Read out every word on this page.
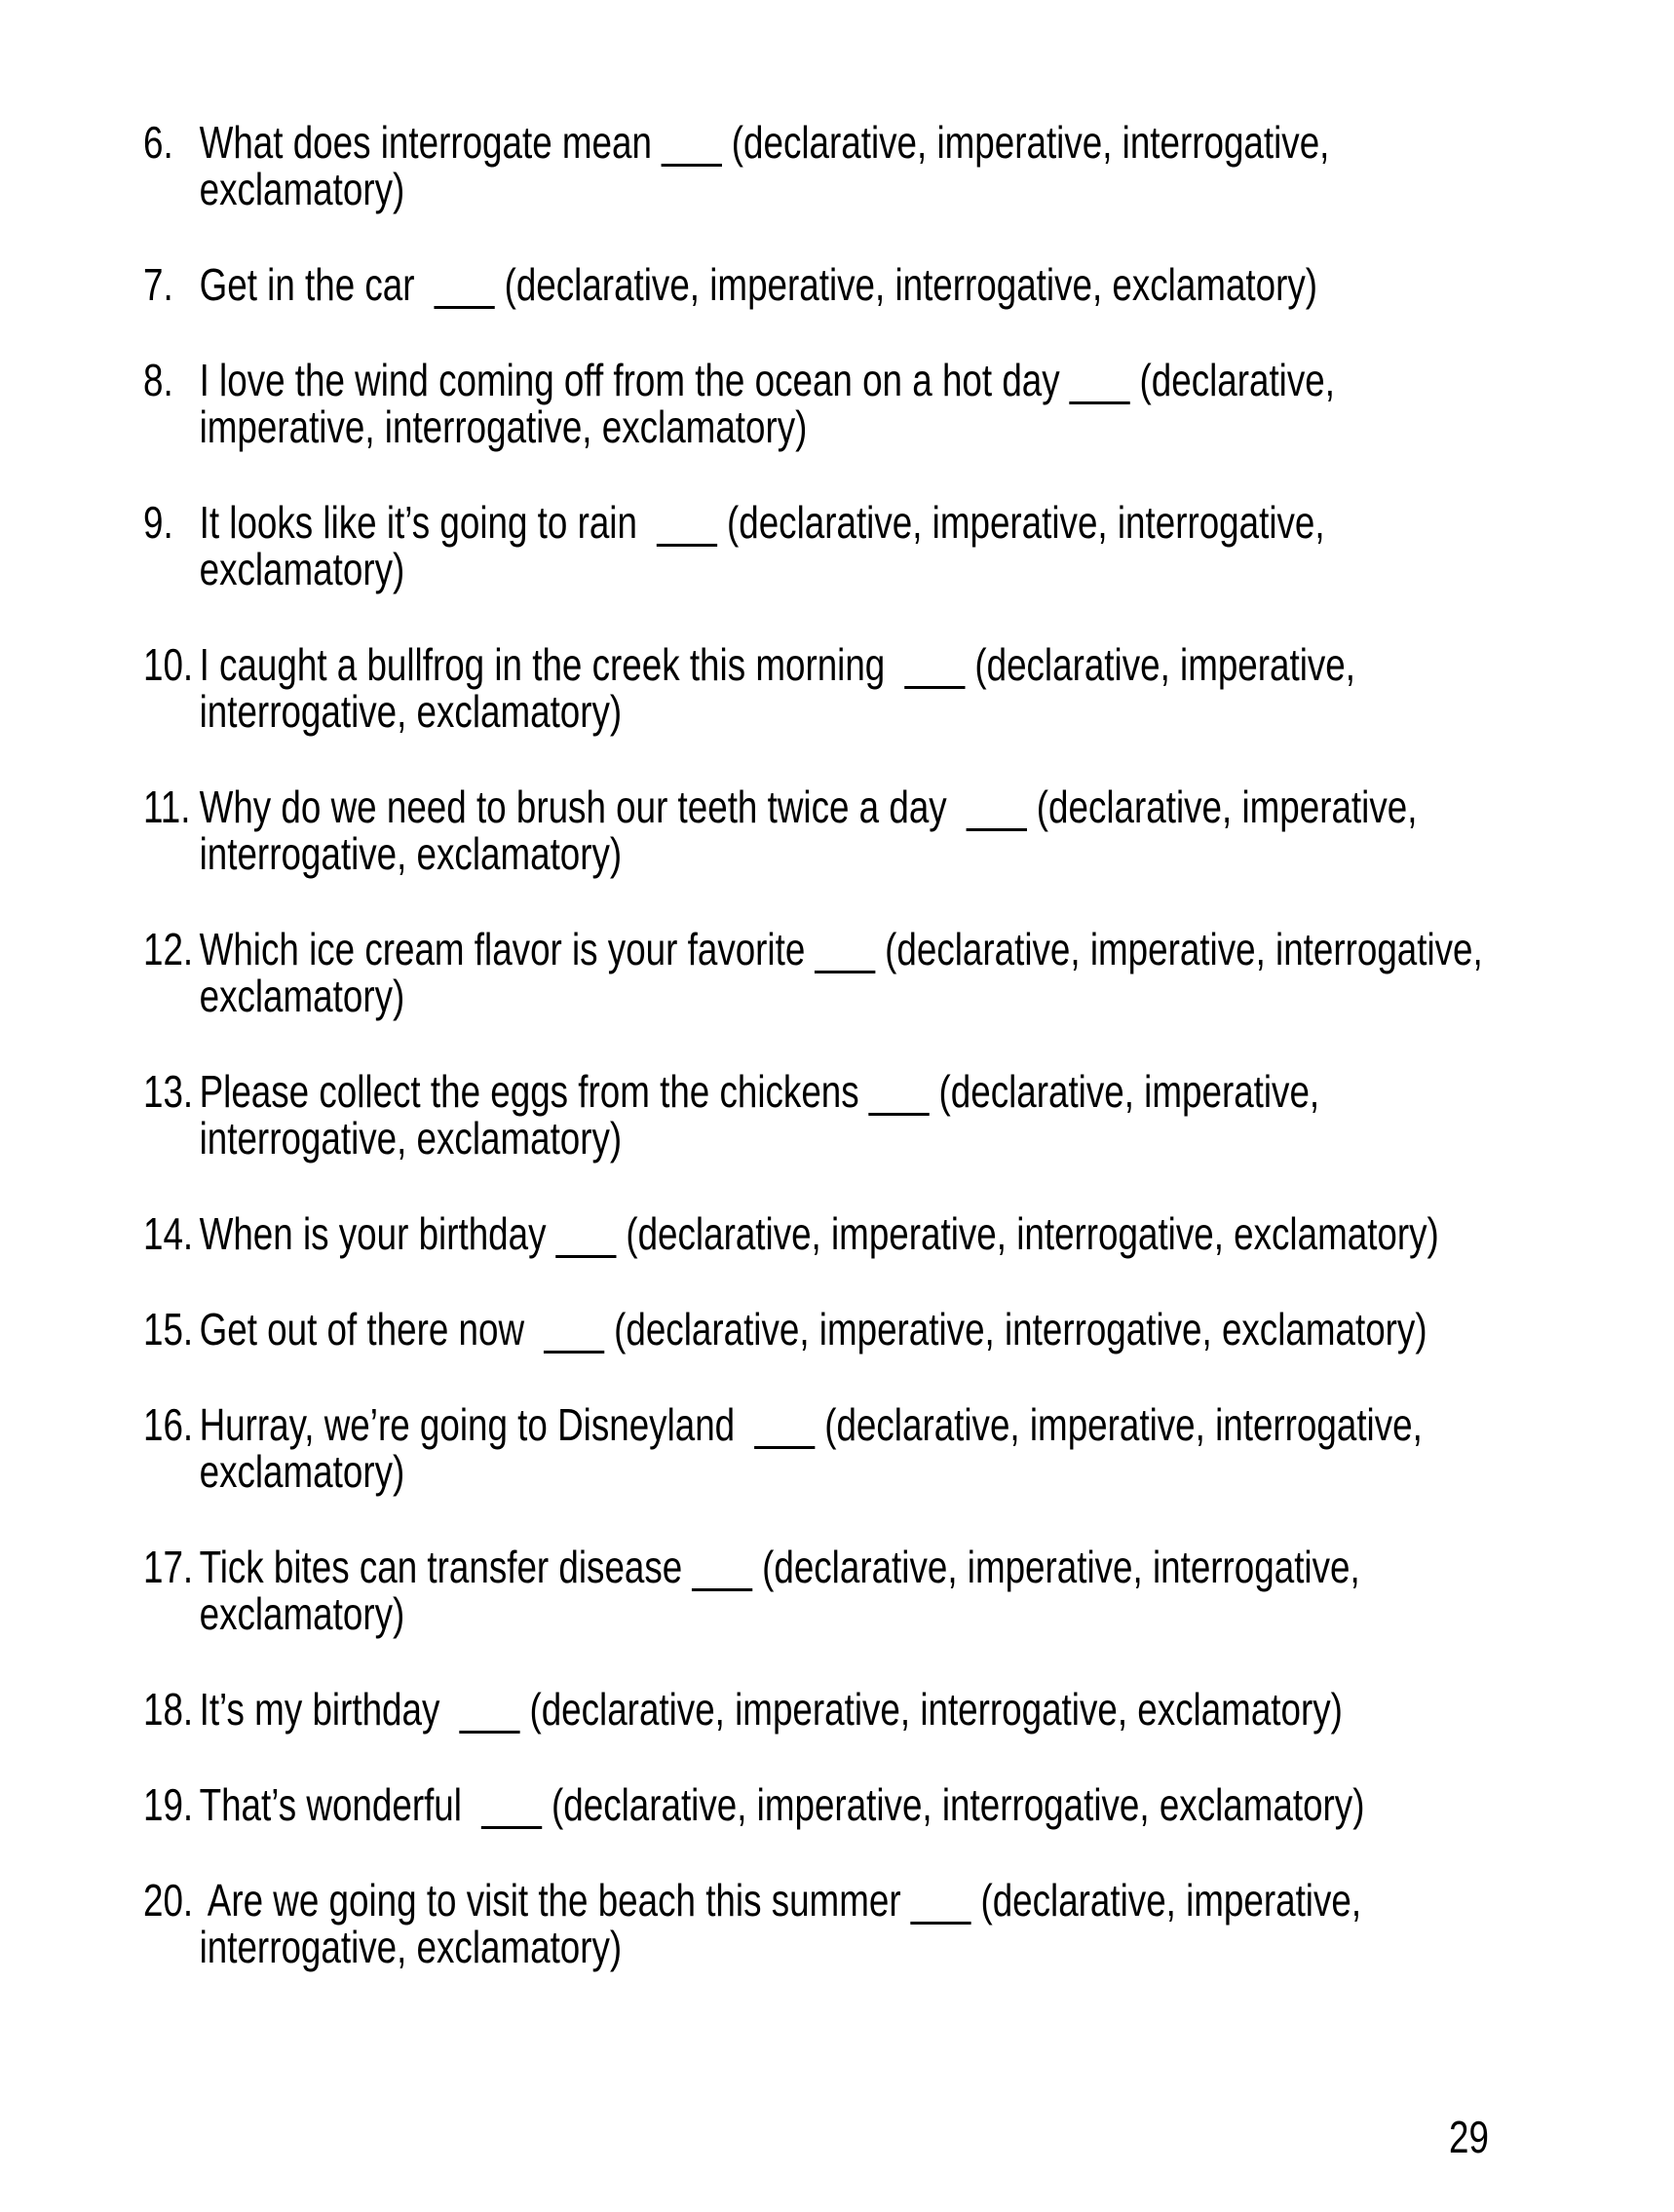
6. What does interrogate mean ___ (declarative, imperative, interrogative,
exclamatory)
7. Get in the car  ___ (declarative, imperative, interrogative, exclamatory)
8. I love the wind coming off from the ocean on a hot day ___ (declarative,
imperative, interrogative, exclamatory)
9. It looks like it’s going to rain  ___ (declarative, imperative, interrogative,
exclamatory)
10. I caught a bullfrog in the creek this morning  ___ (declarative, imperative,
interrogative, exclamatory)
11. Why do we need to brush our teeth twice a day  ___ (declarative, imperative,
interrogative, exclamatory)
12. Which ice cream flavor is your favorite ___ (declarative, imperative, interrogative,
exclamatory)
13. Please collect the eggs from the chickens ___ (declarative, imperative,
interrogative, exclamatory)
14. When is your birthday ___ (declarative, imperative, interrogative, exclamatory)
15. Get out of there now  ___ (declarative, imperative, interrogative, exclamatory)
16. Hurray, we’re going to Disneyland  ___ (declarative, imperative, interrogative,
exclamatory)
17. Tick bites can transfer disease ___ (declarative, imperative, interrogative,
exclamatory)
18. It’s my birthday  ___ (declarative, imperative, interrogative, exclamatory)
19. That’s wonderful  ___ (declarative, imperative, interrogative, exclamatory)
20. Are we going to visit the beach this summer ___ (declarative, imperative,
interrogative, exclamatory)
29
